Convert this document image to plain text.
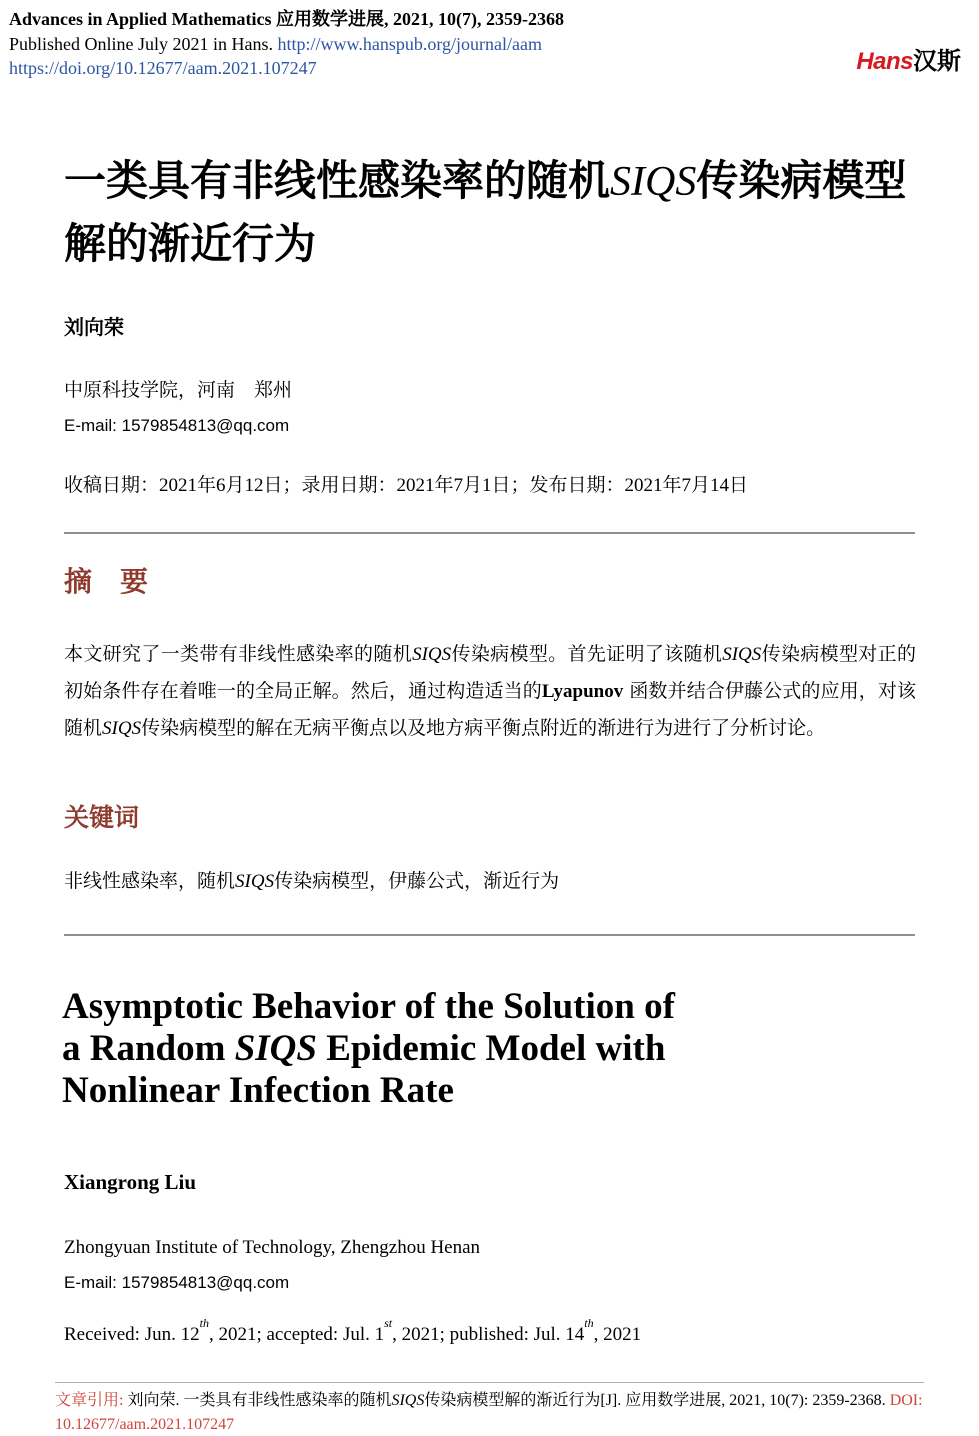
Advances in Applied Mathematics 应用数学进展, 2021, 10(7), 2359-2368
Published Online July 2021 in Hans. http://www.hanspub.org/journal/aam
https://doi.org/10.12677/aam.2021.107247	Hans汉斯
一类具有非线性感染率的随机SIQS传染病模型解的渐近行为
刘向荣
中原科技学院，河南　郑州
E-mail: 1579854813@qq.com
收稿日期：2021年6月12日；录用日期：2021年7月1日；发布日期：2021年7月14日
摘　要
本文研究了一类带有非线性感染率的随机SIQS传染病模型。首先证明了该随机SIQS传染病模型对正的初始条件存在着唯一的全局正解。然后，通过构造适当的Lyapunov 函数并结合伊藤公式的应用，对该随机SIQS传染病模型的解在无病平衡点以及地方病平衡点附近的渐进行为进行了分析讨论。
关键词
非线性感染率，随机SIQS传染病模型，伊藤公式，渐近行为
Asymptotic Behavior of the Solution of
a Random SIQS Epidemic Model with
Nonlinear Infection Rate
Xiangrong Liu
Zhongyuan Institute of Technology, Zhengzhou Henan
E-mail: 1579854813@qq.com
Received: Jun. 12th, 2021; accepted: Jul. 1st, 2021; published: Jul. 14th, 2021
文章引用: 刘向荣. 一类具有非线性感染率的随机SIQS传染病模型解的渐近行为[J]. 应用数学进展, 2021, 10(7): 2359-2368. DOI: 10.12677/aam.2021.107247
